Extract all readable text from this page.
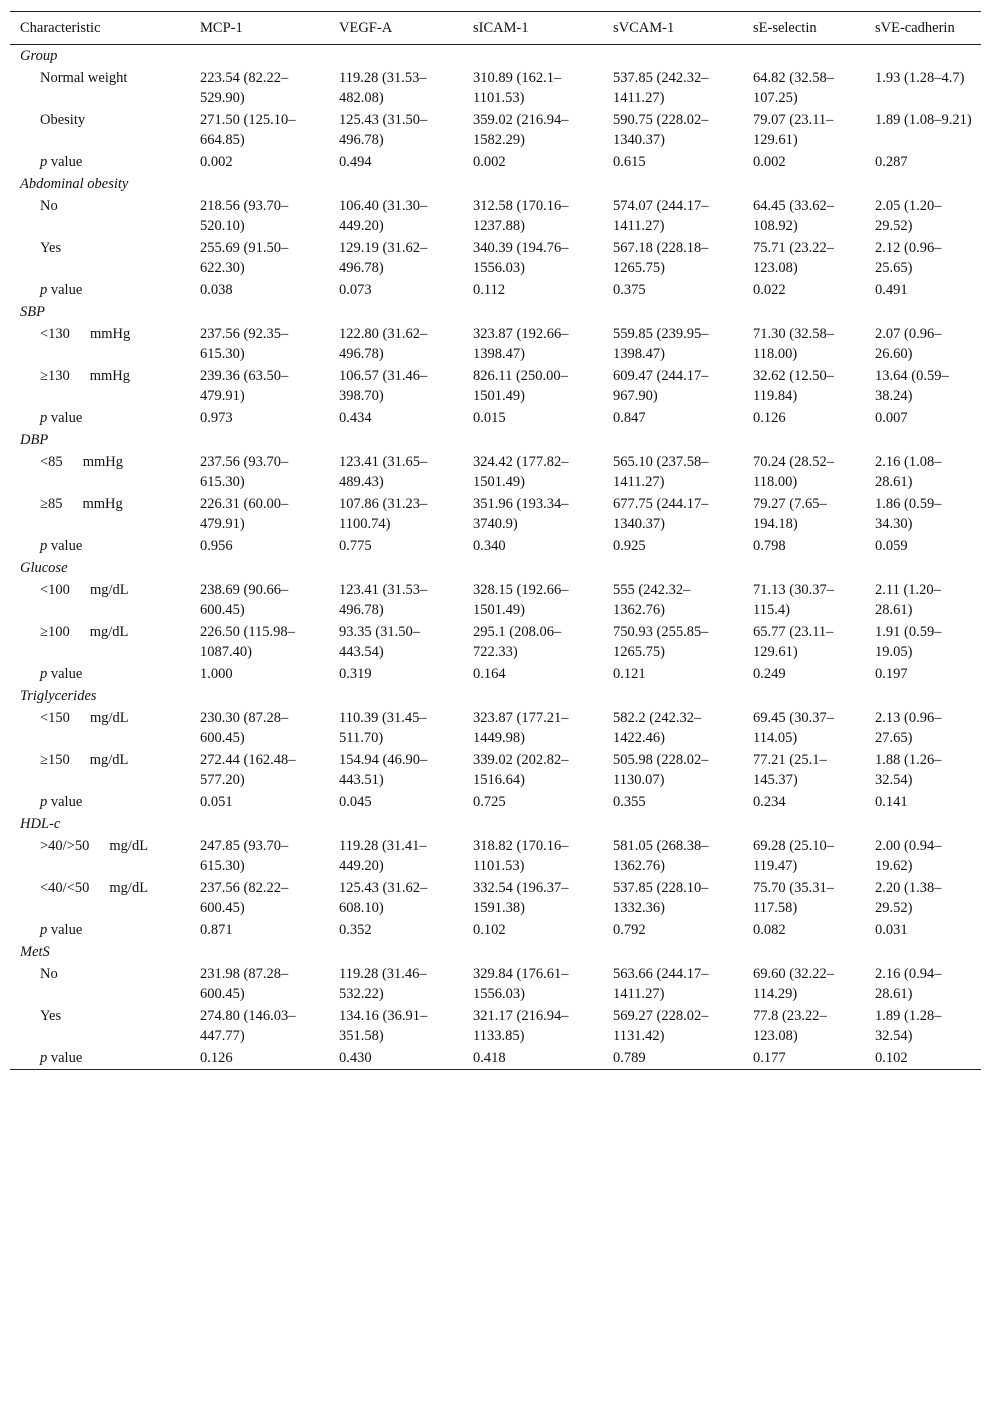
Characteristic	MCP-1	VEGF-A	sICAM-1	sVCAM-1	sE-selectin	sVE-cadherin
Group						
Normal weight	223.54 (82.22–529.90)	119.28 (31.53–482.08)	310.89 (162.1–1101.53)	537.85 (242.32–1411.27)	64.82 (32.58–107.25)	1.93 (1.28–4.7)
Obesity	271.50 (125.10–664.85)	125.43 (31.50–496.78)	359.02 (216.94–1582.29)	590.75 (228.02–1340.37)	79.07 (23.11–129.61)	1.89 (1.08–9.21)
p value	0.002	0.494	0.002	0.615	0.002	0.287
Abdominal obesity						
No	218.56 (93.70–520.10)	106.40 (31.30–449.20)	312.58 (170.16–1237.88)	574.07 (244.17–1411.27)	64.45 (33.62–108.92)	2.05 (1.20–29.52)
Yes	255.69 (91.50–622.30)	129.19 (31.62–496.78)	340.39 (194.76–1556.03)	567.18 (228.18–1265.75)	75.71 (23.22–123.08)	2.12 (0.96–25.65)
p value	0.038	0.073	0.112	0.375	0.022	0.491
SBP						
<130 mmHg	237.56 (92.35–615.30)	122.80 (31.62–496.78)	323.87 (192.66–1398.47)	559.85 (239.95–1398.47)	71.30 (32.58–118.00)	2.07 (0.96–26.60)
≥130 mmHg	239.36 (63.50–479.91)	106.57 (31.46–398.70)	826.11 (250.00–1501.49)	609.47 (244.17–967.90)	32.62 (12.50–119.84)	13.64 (0.59–38.24)
p value	0.973	0.434	0.015	0.847	0.126	0.007
DBP						
<85 mmHg	237.56 (93.70–615.30)	123.41 (31.65–489.43)	324.42 (177.82–1501.49)	565.10 (237.58–1411.27)	70.24 (28.52–118.00)	2.16 (1.08–28.61)
≥85 mmHg	226.31 (60.00–479.91)	107.86 (31.23–1100.74)	351.96 (193.34–3740.9)	677.75 (244.17–1340.37)	79.27 (7.65–194.18)	1.86 (0.59–34.30)
p value	0.956	0.775	0.340	0.925	0.798	0.059
Glucose						
<100 mg/dL	238.69 (90.66–600.45)	123.41 (31.53–496.78)	328.15 (192.66–1501.49)	555 (242.32–1362.76)	71.13 (30.37–115.4)	2.11 (1.20–28.61)
≥100 mg/dL	226.50 (115.98–1087.40)	93.35 (31.50–443.54)	295.1 (208.06–722.33)	750.93 (255.85–1265.75)	65.77 (23.11–129.61)	1.91 (0.59–19.05)
p value	1.000	0.319	0.164	0.121	0.249	0.197
Triglycerides						
<150 mg/dL	230.30 (87.28–600.45)	110.39 (31.45–511.70)	323.87 (177.21–1449.98)	582.2 (242.32–1422.46)	69.45 (30.37–114.05)	2.13 (0.96–27.65)
≥150 mg/dL	272.44 (162.48–577.20)	154.94 (46.90–443.51)	339.02 (202.82–1516.64)	505.98 (228.02–1130.07)	77.21 (25.1–145.37)	1.88 (1.26–32.54)
p value	0.051	0.045	0.725	0.355	0.234	0.141
HDL-c						
>40/>50 mg/dL	247.85 (93.70–615.30)	119.28 (31.41–449.20)	318.82 (170.16–1101.53)	581.05 (268.38–1362.76)	69.28 (25.10–119.47)	2.00 (0.94–19.62)
<40/<50 mg/dL	237.56 (82.22–600.45)	125.43 (31.62–608.10)	332.54 (196.37–1591.38)	537.85 (228.10–1332.36)	75.70 (35.31–117.58)	2.20 (1.38–29.52)
p value	0.871	0.352	0.102	0.792	0.082	0.031
MetS						
No	231.98 (87.28–600.45)	119.28 (31.46–532.22)	329.84 (176.61–1556.03)	563.66 (244.17–1411.27)	69.60 (32.22–114.29)	2.16 (0.94–28.61)
Yes	274.80 (146.03–447.77)	134.16 (36.91–351.58)	321.17 (216.94–1133.85)	569.27 (228.02–1131.42)	77.8 (23.22–123.08)	1.89 (1.28–32.54)
p value	0.126	0.430	0.418	0.789	0.177	0.102
